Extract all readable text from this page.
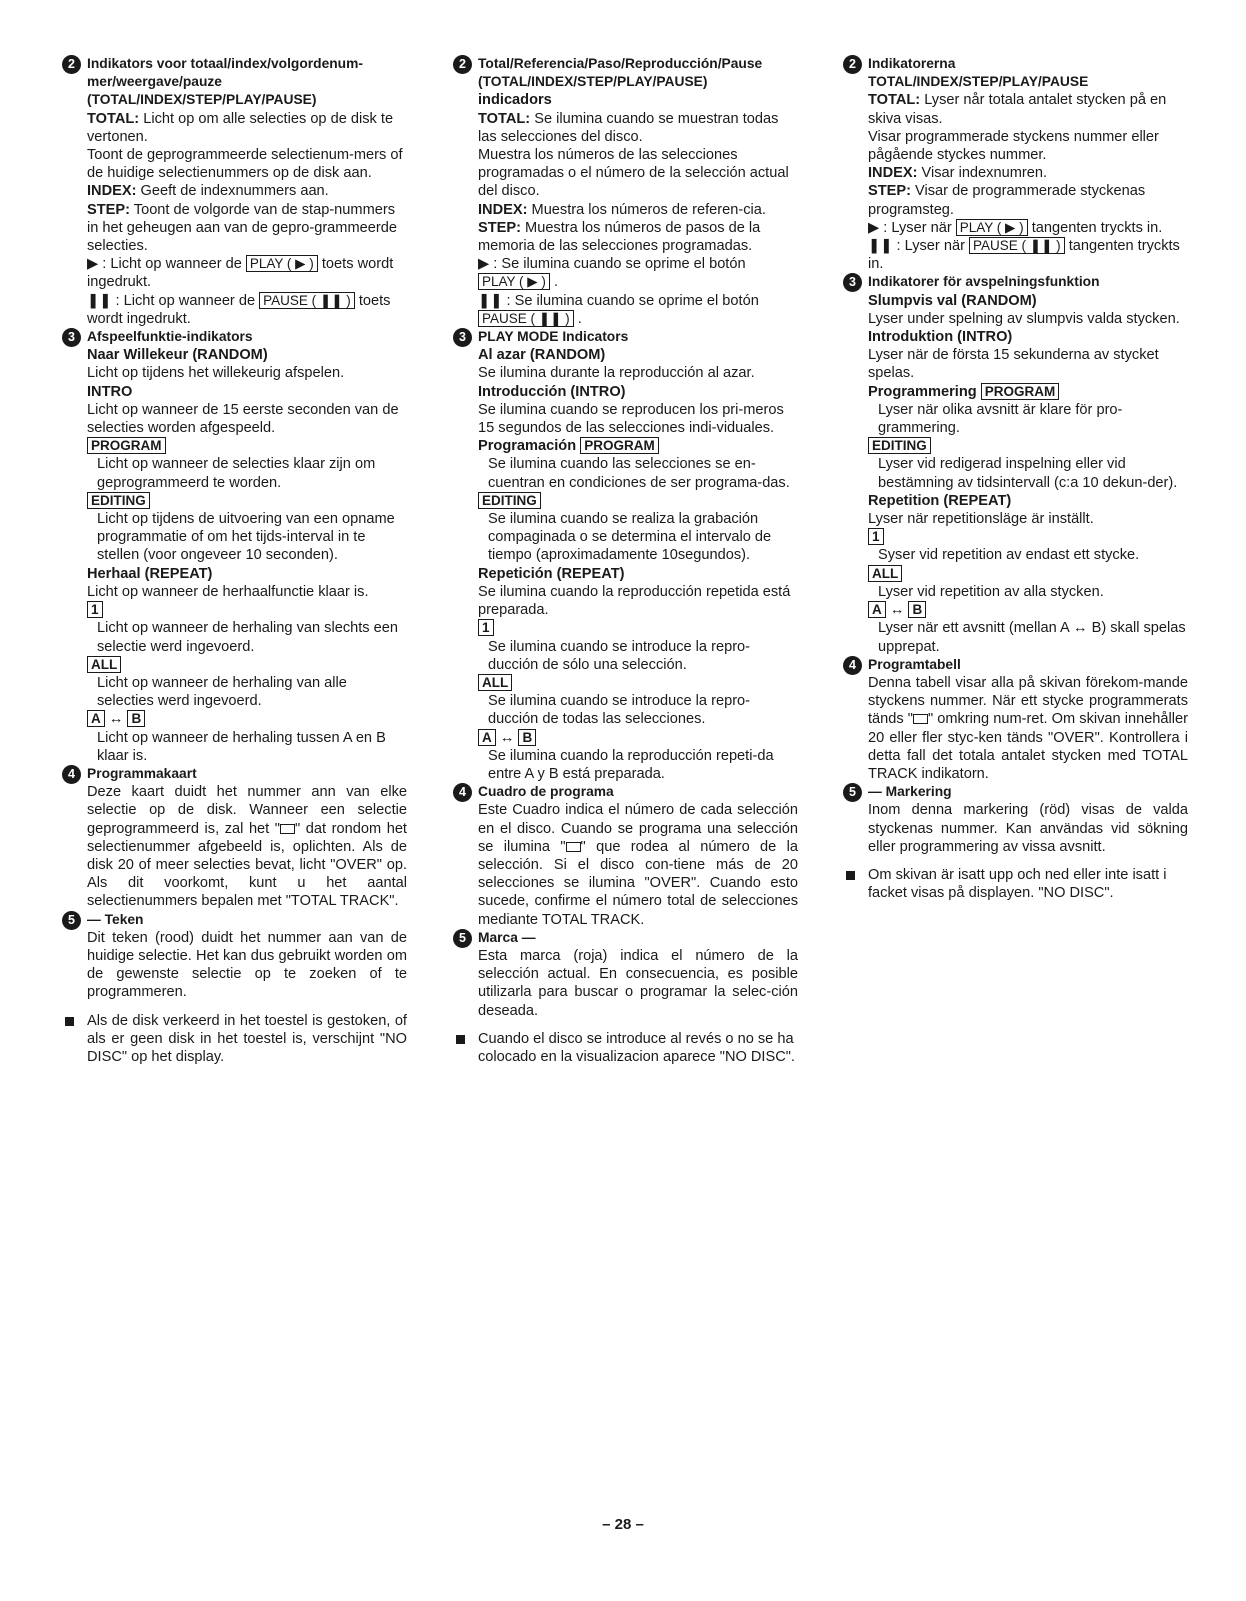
2 Indikators voor totaal/index/volgordenum-mer/weergave/pauze
(TOTAL/INDEX/STEP/PLAY/PAUSE)

TOTAL: Licht op om alle selecties op de disk te vertonen.

Toont de geprogrammeerde selectienum-mers of de huidige selectienummers op de disk aan.

INDEX: Geeft de indexnummers aan.

STEP: Toont de volgorde van de stap-nummers in het geheugen aan van de gepro-grammeerde selecties.

▶ : Licht op wanneer de PLAY ( ▶ ) toets wordt ingedrukt.

❚❚ : Licht op wanneer de PAUSE ( ❚❚ ) toets wordt ingedrukt.

3 Afspeelfunktie-indikators
Naar Willekeur (RANDOM)

Licht op tijdens het willekeurig afspelen.

INTRO

Licht op wanneer de 15 eerste seconden van de selecties worden afgespeeld.

PROGRAM

Licht op wanneer de selecties klaar zijn om geprogrammeerd te worden.

EDITING

Licht op tijdens de uitvoering van een opname programmatie of om het tijds-interval in te stellen (voor ongeveer 10 seconden).

Herhaal (REPEAT)

Licht op wanneer de herhaalfunctie klaar is.

1

Licht op wanneer de herhaling van slechts een selectie werd ingevoerd.

ALL

Licht op wanneer de herhaling van alle selecties werd ingevoerd.

A ↔ B

Licht op wanneer de herhaling tussen A en B klaar is.

4 Programmakaart

Deze kaart duidt het nummer ann van elke selectie op de disk. Wanneer een selectie geprogrammeerd is, zal het " " dat rondom het selectienummer afgebeeld is, oplichten. Als de disk 20 of meer selecties bevat, licht "OVER" op. Als dit voorkomt, kunt u het aantal selectienummers bepalen met "TOTAL TRACK".

5 — Teken

Dit teken (rood) duidt het nummer aan van de huidige selectie. Het kan dus gebruikt worden om de gewenste selectie op te zoeken of te programmeren.

Als de disk verkeerd in het toestel is gestoken, of als er geen disk in het toestel is, verschijnt "NO DISC" op het display.

2 Total/Referencia/Paso/Reproducción/Pause
(TOTAL/INDEX/STEP/PLAY/PAUSE)
indicadors

TOTAL: Se ilumina cuando se muestran todas las selecciones del disco.

Muestra los números de las selecciones programadas o el número de la selección actual del disco.

INDEX: Muestra los números de referen-cia.

STEP: Muestra los números de pasos de la memoria de las selecciones programadas.

▶ : Se ilumina cuando se oprime el botón PLAY ( ▶ ) .

❚❚ : Se ilumina cuando se oprime el botón PAUSE ( ❚❚ ) .

3 PLAY MODE Indicators
Al azar (RANDOM)

Se ilumina durante la reproducción al azar.

Introducción (INTRO)

Se ilumina cuando se reproducen los pri-meros 15 segundos de las selecciones indi-viduales.

Programación PROGRAM

Se ilumina cuando las selecciones se en-cuentran en condiciones de ser programa-das.

EDITING

Se ilumina cuando se realiza la grabación compaginada o se determina el intervalo de tiempo (aproximadamente 10segundos).

Repetición (REPEAT)

Se ilumina cuando la reproducción repetida está preparada.

1

Se ilumina cuando se introduce la repro-ducción de sólo una selección.

ALL

Se ilumina cuando se introduce la repro-ducción de todas las selecciones.

A ↔ B

Se ilumina cuando la reproducción repeti-da entre A y B está preparada.

4 Cuadro de programa

Este Cuadro indica el número de cada selección en el disco. Cuando se programa una selección se ilumina " " que rodea al número de la selección. Si el disco con-tiene más de 20 selecciones se ilumina "OVER". Cuando esto sucede, confirme el número total de selecciones mediante TOTAL TRACK.

5 Marca —

Esta marca (roja) indica el número de la selección actual. En consecuencia, es posible utilizarla para buscar o programar la selec-ción deseada.

Cuando el disco se introduce al revés o no se ha colocado en la visualizacion aparece "NO DISC".

2 Indikatorerna
TOTAL/INDEX/STEP/PLAY/PAUSE

TOTAL: Lyser når totala antalet stycken på en skiva visas.

Visar programmerade styckens nummer eller pågående styckes nummer.

INDEX: Visar indexnumren.

STEP: Visar de programmerade styckenas programsteg.

▶ : Lyser när PLAY ( ▶ ) tangenten tryckts in.

❚❚ : Lyser när PAUSE ( ❚❚ ) tangenten tryckts in.

3 Indikatorer för avspelningsfunktion
Slumpvis val (RANDOM)

Lyser under spelning av slumpvis valda stycken.

Introduktion (INTRO)

Lyser när de första 15 sekunderna av stycket spelas.

Programmering PROGRAM

Lyser när olika avsnitt är klare för pro-grammering.

EDITING

Lyser vid redigerad inspelning eller vid bestämning av tidsintervall (c:a 10 dekun-der).

Repetition (REPEAT)

Lyser när repetitionsläge är inställt.

1

Syser vid repetition av endast ett stycke.

ALL

Lyser vid repetition av alla stycken.

A ↔ B

Lyser när ett avsnitt (mellan A ↔ B) skall spelas upprepat.

4 Programtabell

Denna tabell visar alla på skivan förekom-mande styckens nummer. När ett stycke programmerats tänds " " omkring num-ret. Om skivan innehåller 20 eller fler styc-ken tänds "OVER". Kontrollera i detta fall det totala antalet stycken med TOTAL TRACK indikatorn.

5 — Markering

Inom denna markering (röd) visas de valda styckenas nummer. Kan användas vid sökning eller programmering av vissa avsnitt.

Om skivan är isatt upp och ned eller inte isatt i facket visas på displayen. "NO DISC".

– 28 –
